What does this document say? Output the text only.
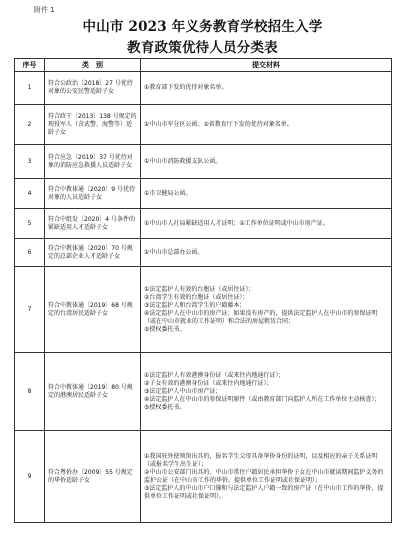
附件 1
中山市 2023 年义务教育学校招生入学
教育政策优待人员分类表
序号	类　别	提交材料
1	符合公政治〔2018〕27 号优待对象的公安民警适龄子女	①教育部下发的优待对象名单。

2	符合政干〔2013〕138 号规定的现役军人（含武警、海警等）适龄子女	①中山市军分区公函；②省教育厅下发的优待对象名单。

3	符合应急〔2019〕37 号优待对象的消防应急救援人员适龄子女	①中山市消防救援支队公函。

4	符合中教体通〔2020〕9 号优待对象的人员适龄子女	①市卫健局公函。

5	符合中组发〔2020〕4 号条件的紧缺适用人才适龄子女	①中山市人社局紧缺适用人才证明；②工作单位证明或中山市房产证。

6	符合中教体通〔2020〕70 号规定的总部企业人才适龄子女	①中山市总部办公函。

7	符合中教体通〔2019〕68 号规定的台湾居民适龄子女	①法定监护人有效的台胞证（或居住证）；
②台湾学生有效的台胞证（或居住证）；
③法定监护人和台湾学生的户籍藤本；
④法定监护人在中山市的房产证；如果没有房产的，提供法定监护人在中山市的参保证明（或在中山市就业的工作证明）和合法的房屋租赁合同；
⑤授权委托书。

8	符合中教体通〔2019〕80 号规定的港澳居民适龄子女	①法定监护人有效港澳身份证（或来往内地通行证）；
②子女有效的港澳身份证（或来往内地通行证）；
③法定监护人中山市房产证；
④法定监护人在中山市的参保证明原件（或由教育部门向监护人所在工作单位主动核查）；
⑤授权委托书。

9	符合粤侨办〔2009〕55 号规定的华侨适龄子女	①我国驻外使领馆出具的，报名学生父母具备华侨身份的证明，以及相应的亲子关系证明（或报名学生出生证）；
②中山市公安部门出具的，中山市常住户籍居民承担华侨子女在中山市就读期间监护义务的监护公证（在中山市工作的华侨，提供单位工作证明或社保证明）；
③法定监护人的中山市户口簿和与法定监护人户籍一致的房产证（在中山市工作的华侨，提供单位工作证明或社保证明）。
